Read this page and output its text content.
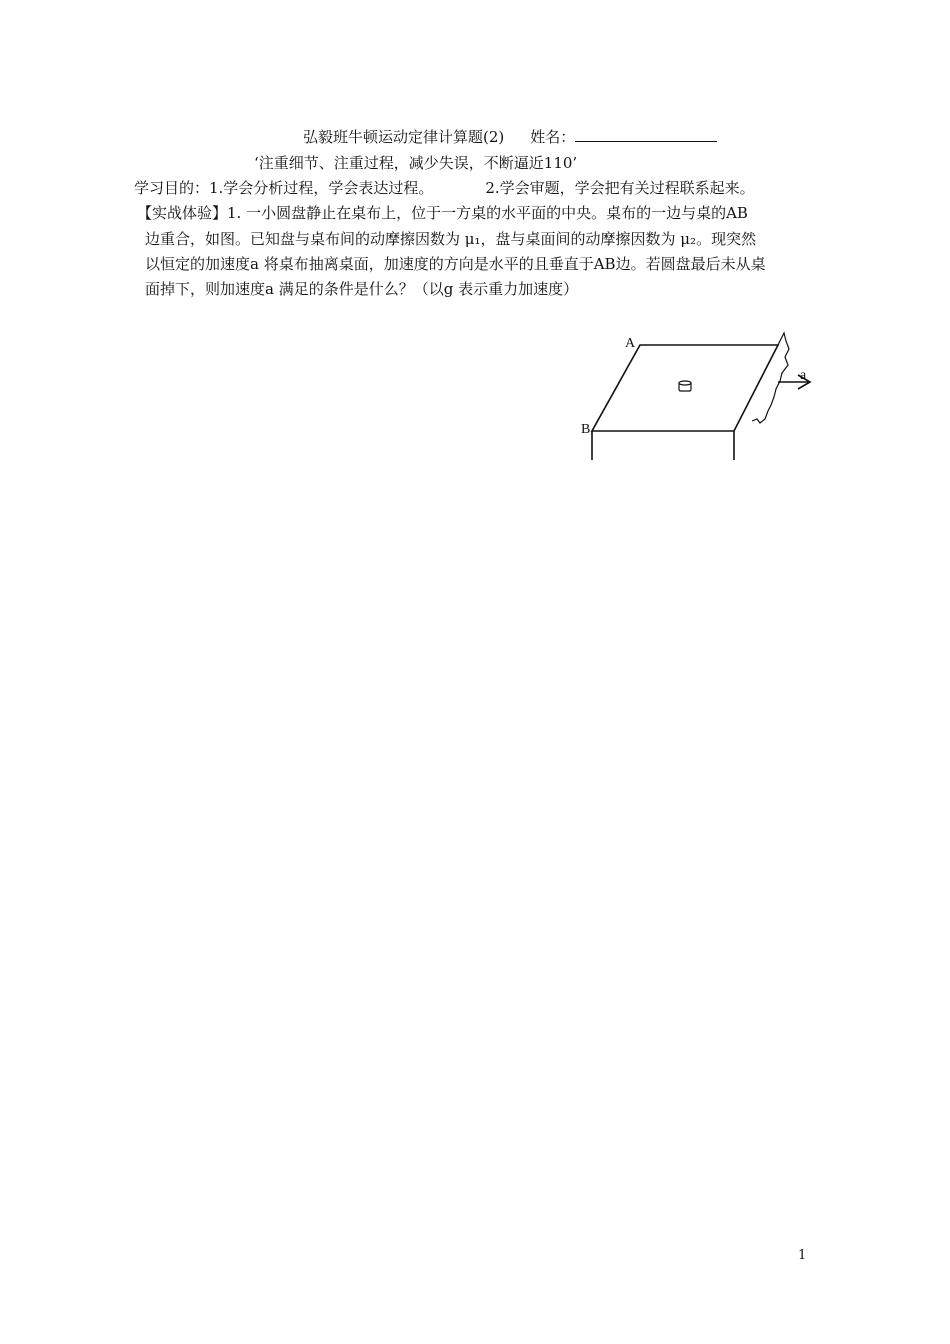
弘毅班牛顿运动定律计算题(2) 姓名：
‘注重细节、注重过程，减少失误，不断逼近110’
学习目的：1.学会分析过程，学会表达过程。	2.学会审题，学会把有关过程联系起来。
【实战体验】1. 一小圆盘静止在桌布上，位于一方桌的水平面的中央。桌布的一边与桌的AB
边重合，如图。已知盘与桌布间的动摩擦因数为 μ₁，盘与桌面间的动摩擦因数为 μ₂。现突然
以恒定的加速度a 将桌布抽离桌面，加速度的方向是水平的且垂直于AB边。若圆盘最后未从桌
面掉下，则加速度a 满足的条件是什么？（以g 表示重力加速度）
A
B
a
1
